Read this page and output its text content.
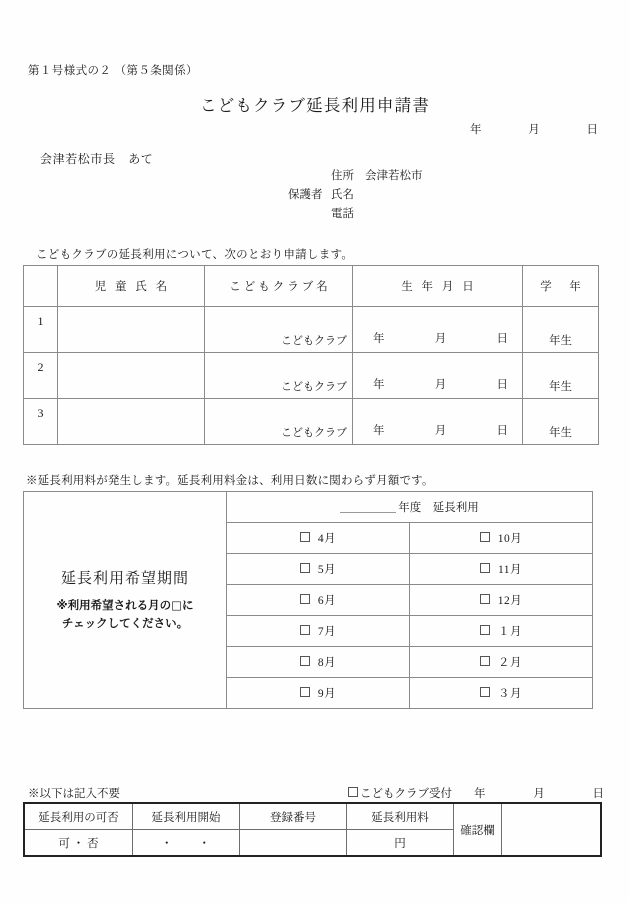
第１号様式の２ （第５条関係）
こどもクラブ延長利用申請書
年	月	日
会津若松市長　あて
住所 会津若松市
保護者 氏名
電話
こどもクラブの延長利用について、次のとおり申請します。
	児 童 氏 名	こどもクラブ名	生 年 月 日	学　年

1		こどもクラブ	年 月 日	年生

2		こどもクラブ	年 月 日	年生

3		こどもクラブ	年 月 日	年生
※延長利用料が発生します。延長利用料金は、利用日数に関わらず月額です。
延長利用希望期間
※利用希望される月の□に
チェックしてください。	年度　延長利用	
	4月	10月
	5月	11月
	6月	12月
	7月	１月
	8月	２月
	9月	３月
※以下は記入不要	こどもクラブ受付 年	月	日
延長利用の可否	延長利用開始	登録番号	延長利用料	確認欄	
可 ・ 否	・　　・		円		
